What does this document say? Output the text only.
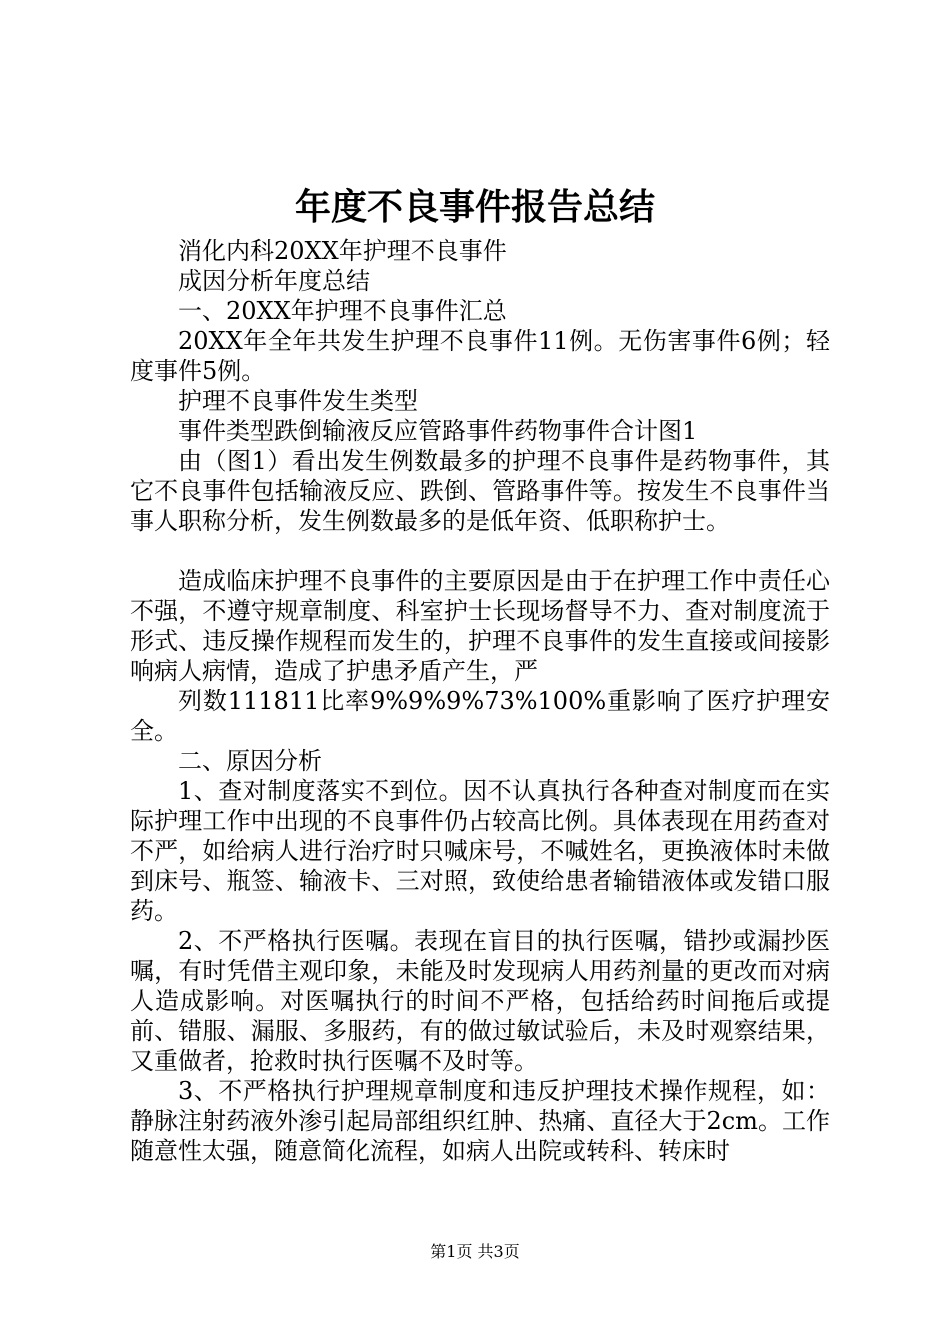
年度不良事件报告总结

消化内科20XX年护理不良事件

成因分析年度总结

一、20XX年护理不良事件汇总

20XX年全年共发生护理不良事件11例。无伤害事件6例；轻度事件5例。

护理不良事件发生类型

事件类型跌倒输液反应管路事件药物事件合计图1

由（图1）看出发生例数最多的护理不良事件是药物事件，其它不良事件包括输液反应、跌倒、管路事件等。按发生不良事件当事人职称分析，发生例数最多的是低年资、低职称护士。

造成临床护理不良事件的主要原因是由于在护理工作中责任心不强，不遵守规章制度、科室护士长现场督导不力、查对制度流于形式、违反操作规程而发生的，护理不良事件的发生直接或间接影响病人病情，造成了护患矛盾产生，严

列数111811比率9%9%9%73%100%重影响了医疗护理安全。

二、原因分析

1、查对制度落实不到位。因不认真执行各种查对制度而在实际护理工作中出现的不良事件仍占较高比例。具体表现在用药查对不严，如给病人进行治疗时只喊床号，不喊姓名，更换液体时未做到床号、瓶签、输液卡、三对照，致使给患者输错液体或发错口服药。

2、不严格执行医嘱。表现在盲目的执行医嘱，错抄或漏抄医嘱，有时凭借主观印象，未能及时发现病人用药剂量的更改而对病人造成影响。对医嘱执行的时间不严格，包括给药时间拖后或提前、错服、漏服、多服药，有的做过敏试验后，未及时观察结果，又重做者，抢救时执行医嘱不及时等。

3、不严格执行护理规章制度和违反护理技术操作规程，如：静脉注射药液外渗引起局部组织红肿、热痛、直径大于2cm。工作随意性太强，随意简化流程，如病人出院或转科、转床时

第1页 共3页
